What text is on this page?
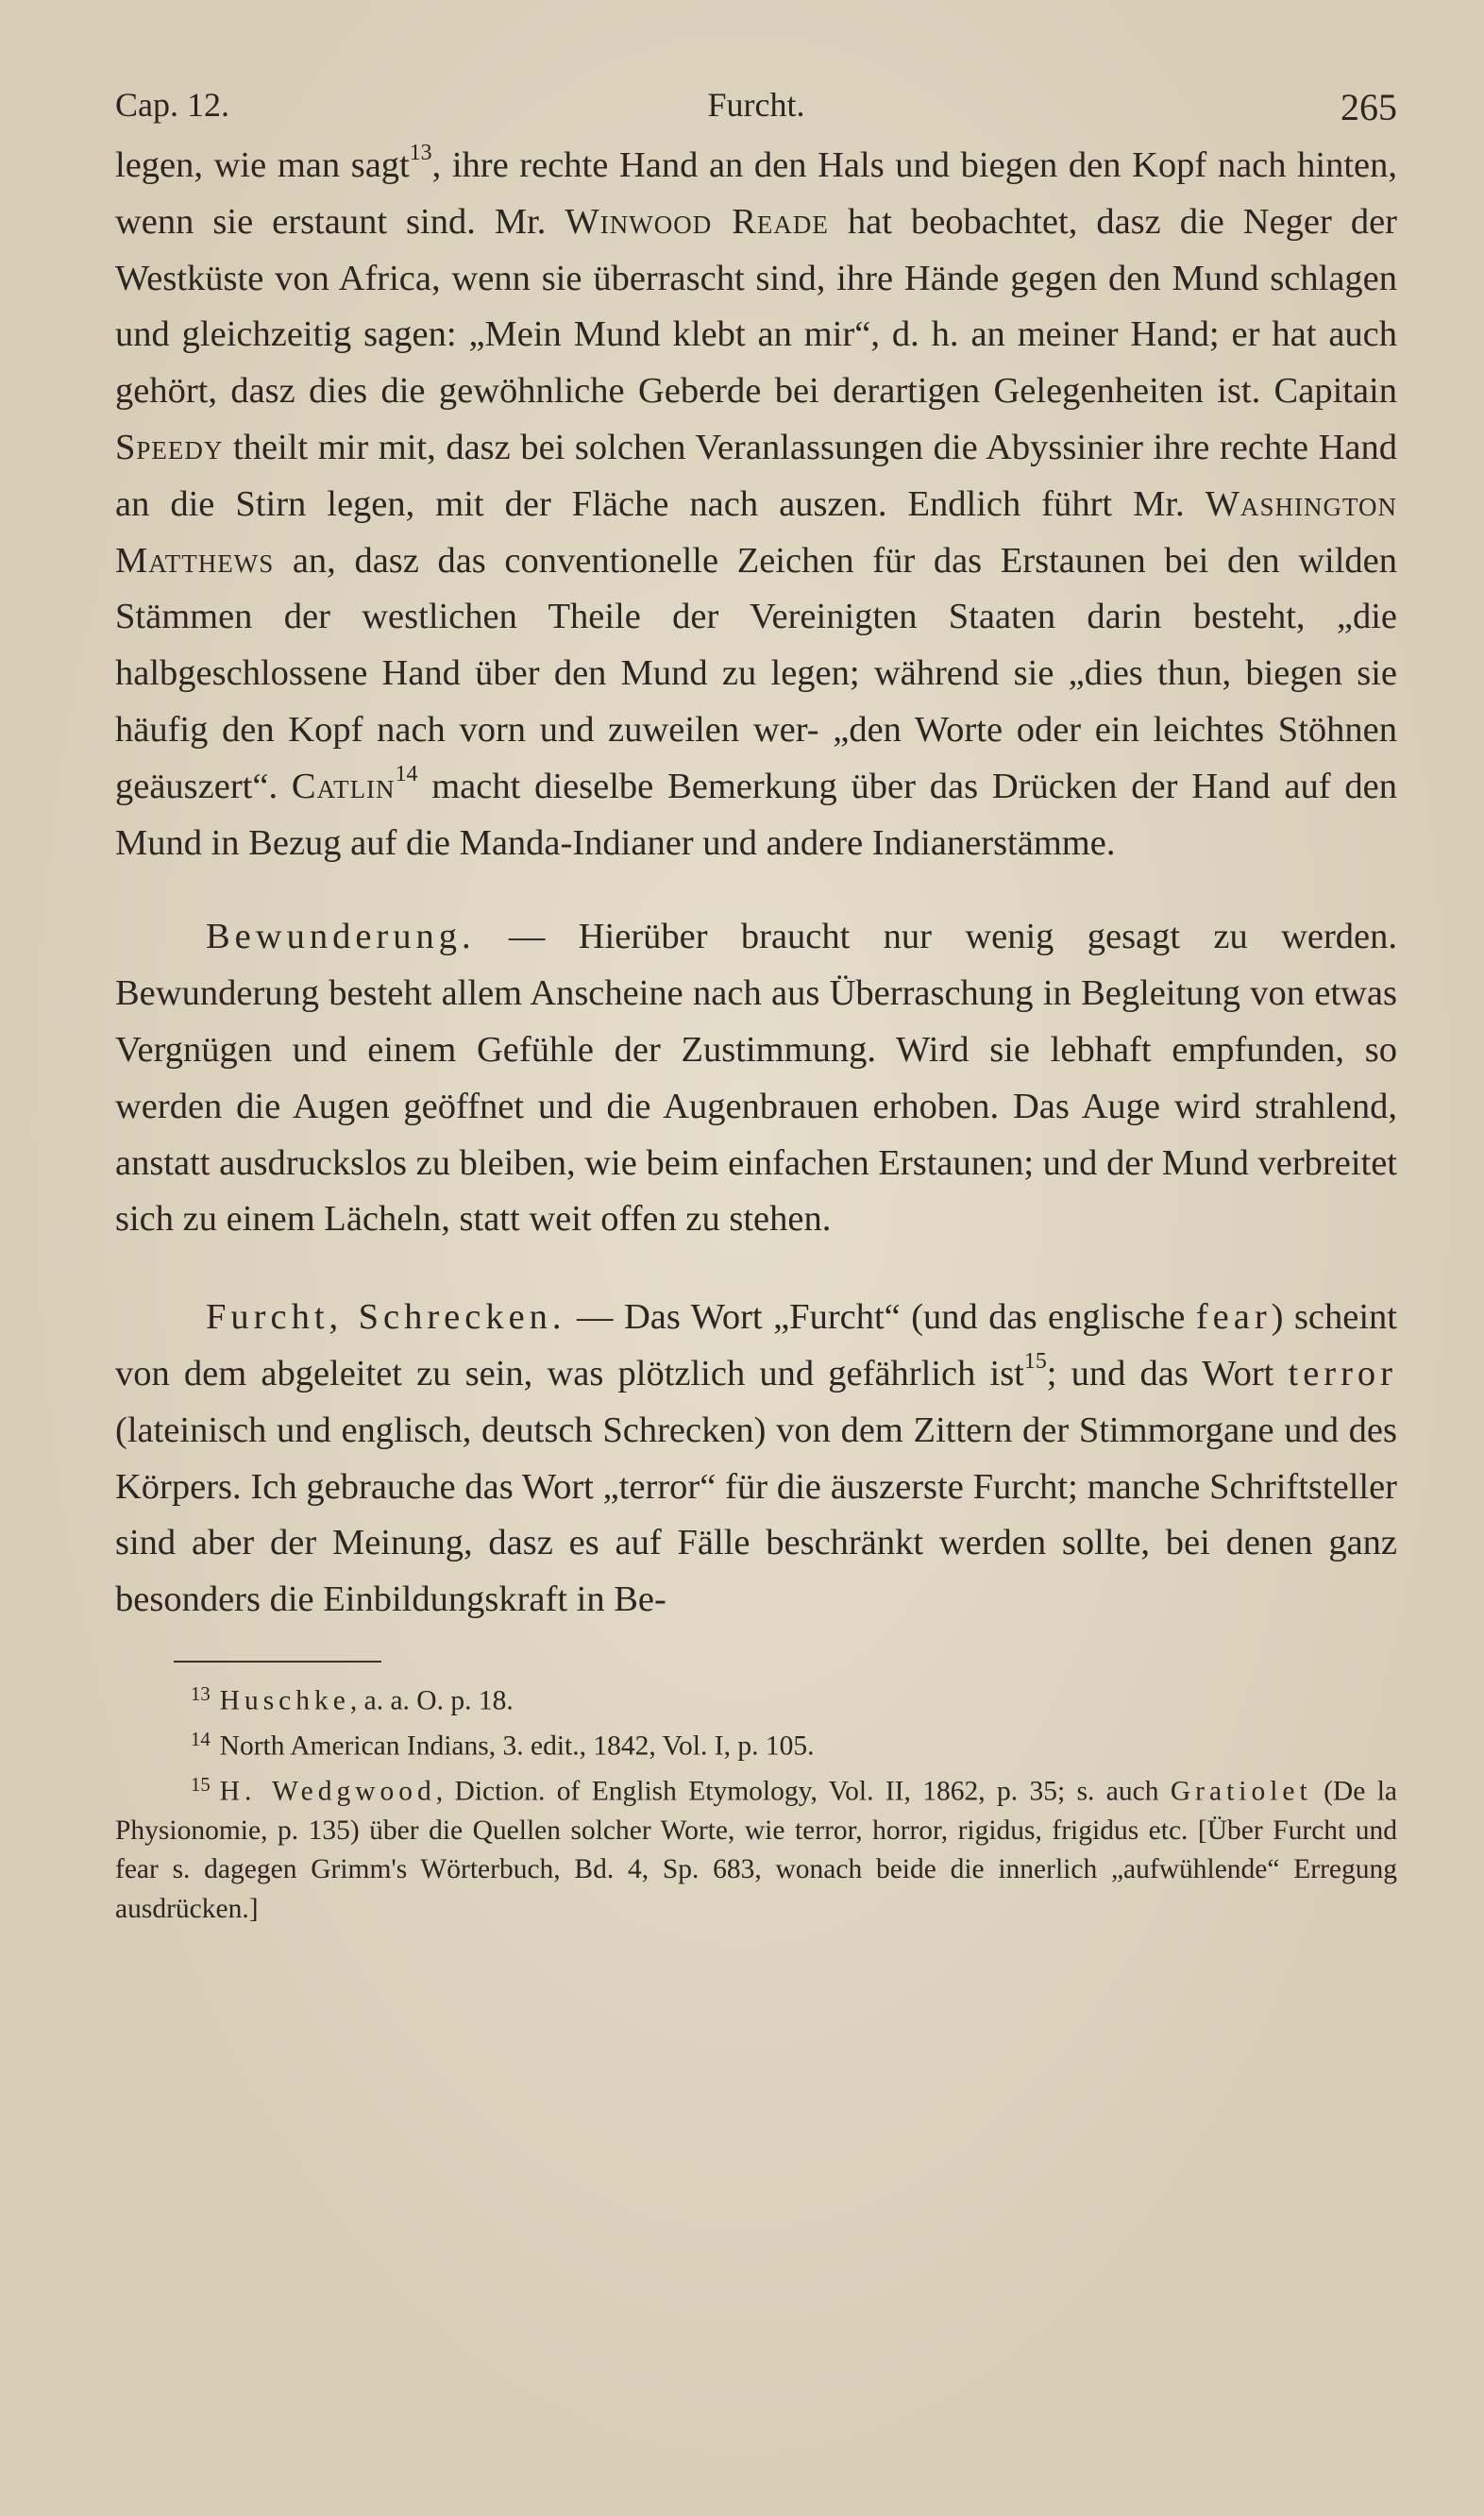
Cap. 12.	Furcht.	265

legen, wie man sagt$^{13}$, ihre rechte Hand an den Hals und biegen den Kopf nach hinten, wenn sie erstaunt sind. Mr. Winwood Reade hat beobachtet, dasz die Neger der Westküste von Africa, wenn sie überrascht sind, ihre Hände gegen den Mund schlagen und gleichzeitig sagen: „Mein Mund klebt an mir“, d. h. an meiner Hand; er hat auch gehört, dasz dies die gewöhnliche Geberde bei derartigen Gelegenheiten ist. Capitain Speedy theilt mir mit, dasz bei solchen Veranlassungen die Abyssinier ihre rechte Hand an die Stirn legen, mit der Fläche nach auszen. Endlich führt Mr. Washington Matthews an, dasz das conventionelle Zeichen für das Erstaunen bei den wilden Stämmen der westlichen Theile der Vereinigten Staaten darin besteht, „die halbgeschlossene Hand über den Mund zu legen; während sie „dies thun, biegen sie häufig den Kopf nach vorn und zuweilen wer- „den Worte oder ein leichtes Stöhnen geäuszert“. Catlin$^{14}$ macht dieselbe Bemerkung über das Drücken der Hand auf den Mund in Bezug auf die Manda-Indianer und andere Indianerstämme.

Bewunderung. — Hierüber braucht nur wenig gesagt zu werden. Bewunderung besteht allem Anscheine nach aus Überraschung in Begleitung von etwas Vergnügen und einem Gefühle der Zustimmung. Wird sie lebhaft empfunden, so werden die Augen geöffnet und die Augenbrauen erhoben. Das Auge wird strahlend, anstatt ausdruckslos zu bleiben, wie beim einfachen Erstaunen; und der Mund verbreitet sich zu einem Lächeln, statt weit offen zu stehen.

Furcht, Schrecken. — Das Wort „Furcht“ (und das englische fear) scheint von dem abgeleitet zu sein, was plötzlich und gefährlich ist$^{15}$; und das Wort terror (lateinisch und englisch, deutsch Schrecken) von dem Zittern der Stimmorgane und des Körpers. Ich gebrauche das Wort „terror“ für die äuszerste Furcht; manche Schriftsteller sind aber der Meinung, dasz es auf Fälle beschränkt werden sollte, bei denen ganz besonders die Einbildungskraft in Be-

$^{13}$ Huschke, a. a. O. p. 18.

$^{14}$ North American Indians, 3. edit., 1842, Vol. I, p. 105.

$^{15}$ H. Wedgwood, Diction. of English Etymology, Vol. II, 1862, p. 35; s. auch Gratiolet (De la Physionomie, p. 135) über die Quellen solcher Worte, wie terror, horror, rigidus, frigidus etc. [Über Furcht und fear s. dagegen Grimm's Wörterbuch, Bd. 4, Sp. 683, wonach beide die innerlich „aufwühlende“ Erregung ausdrücken.]
